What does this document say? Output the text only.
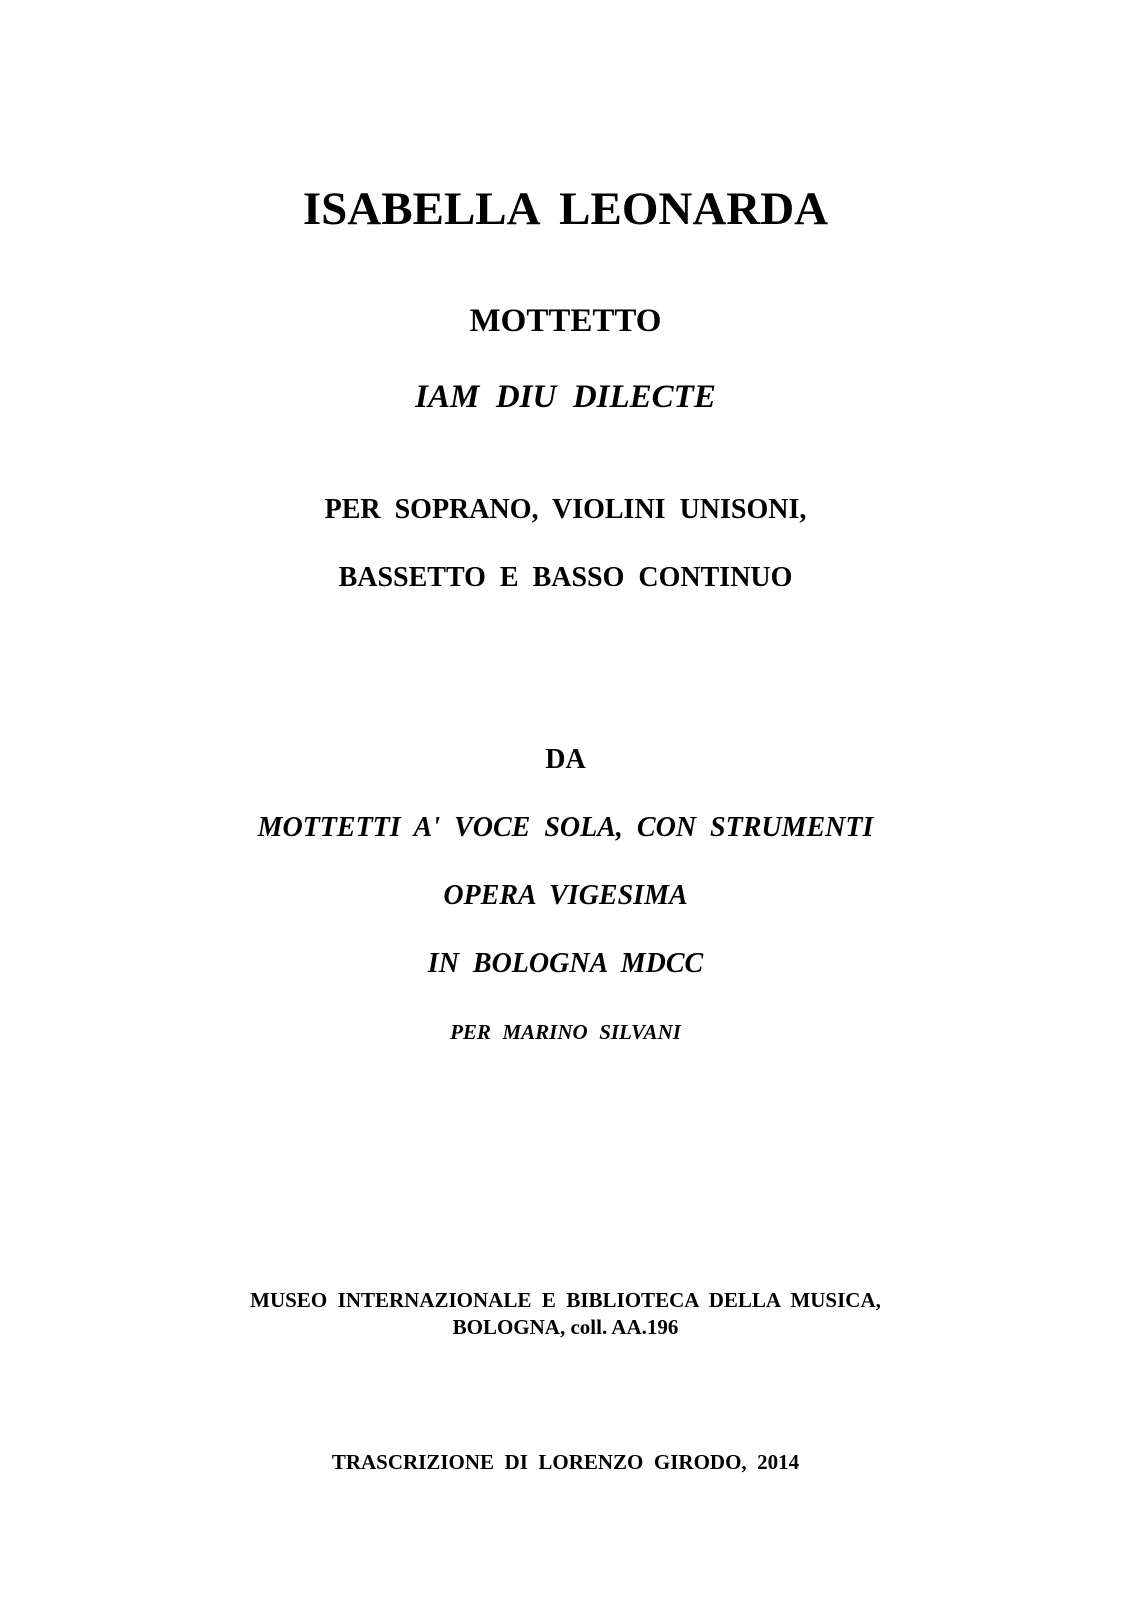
ISABELLA LEONARDA
MOTTETTO
IAM DIU DILECTE
PER SOPRANO, VIOLINI UNISONI,
BASSETTO E BASSO CONTINUO
DA
MOTTETTI A' VOCE SOLA, CON STRUMENTI
OPERA VIGESIMA
IN BOLOGNA MDCC
PER MARINO SILVANI
MUSEO INTERNAZIONALE E BIBLIOTECA DELLA MUSICA,
BOLOGNA, coll. AA.196
TRASCRIZIONE DI LORENZO GIRODO, 2014
